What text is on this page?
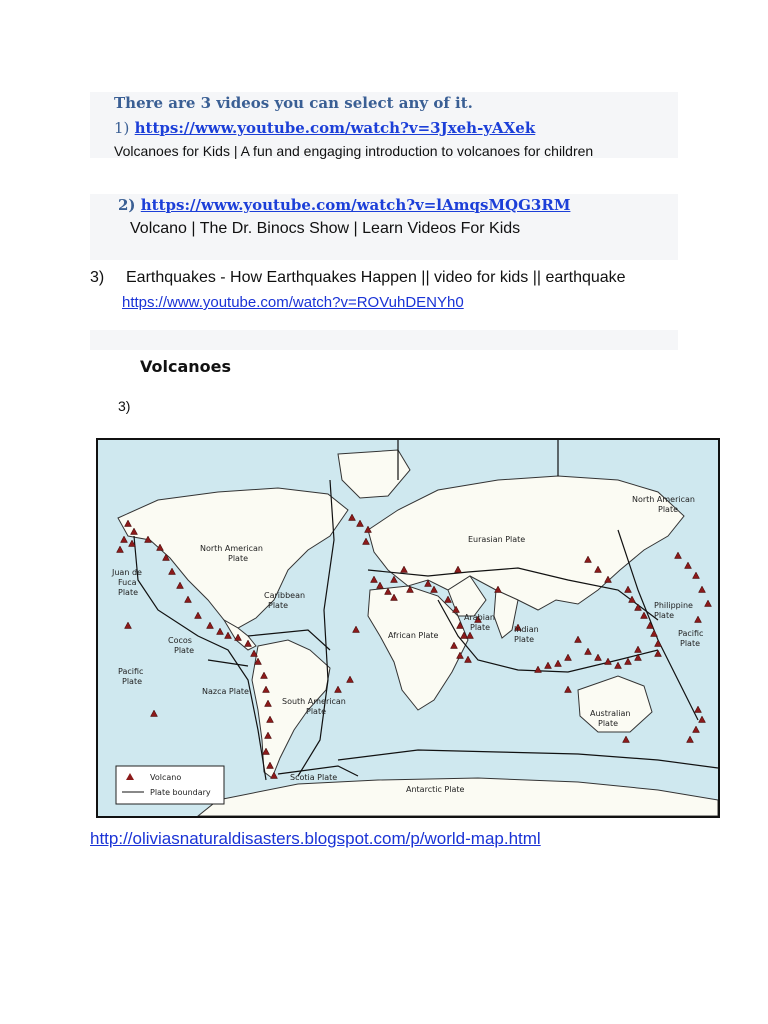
There are 3 videos you can select any of it.
1) https://www.youtube.com/watch?v=3Jxeh-yAXek
Volcanoes for Kids | A fun and engaging introduction to volcanoes for children
2) https://www.youtube.com/watch?v=lAmqsMQG3RM
Volcano | The Dr. Binocs Show | Learn Videos For Kids
3) Earthquakes - How Earthquakes Happen || video for kids || earthquake
https://www.youtube.com/watch?v=ROVuhDENYh0
Volcanoes
3)
North American
Plate
Juan de
Fuca
Plate	Caribbean
Plate
Cocos
Plate
Pacific
Plate
Nazca Plate
South American
Plate
Scotia Plate
Eurasian Plate
African Plate
Arabian
Plate	Indian
Plate
North American
Plate
Philippine
Plate
Pacific
Plate
Australian
Plate
Antarctic Plate
Volcano
Plate boundary
http://oliviasnaturaldisasters.blogspot.com/p/world-map.html
